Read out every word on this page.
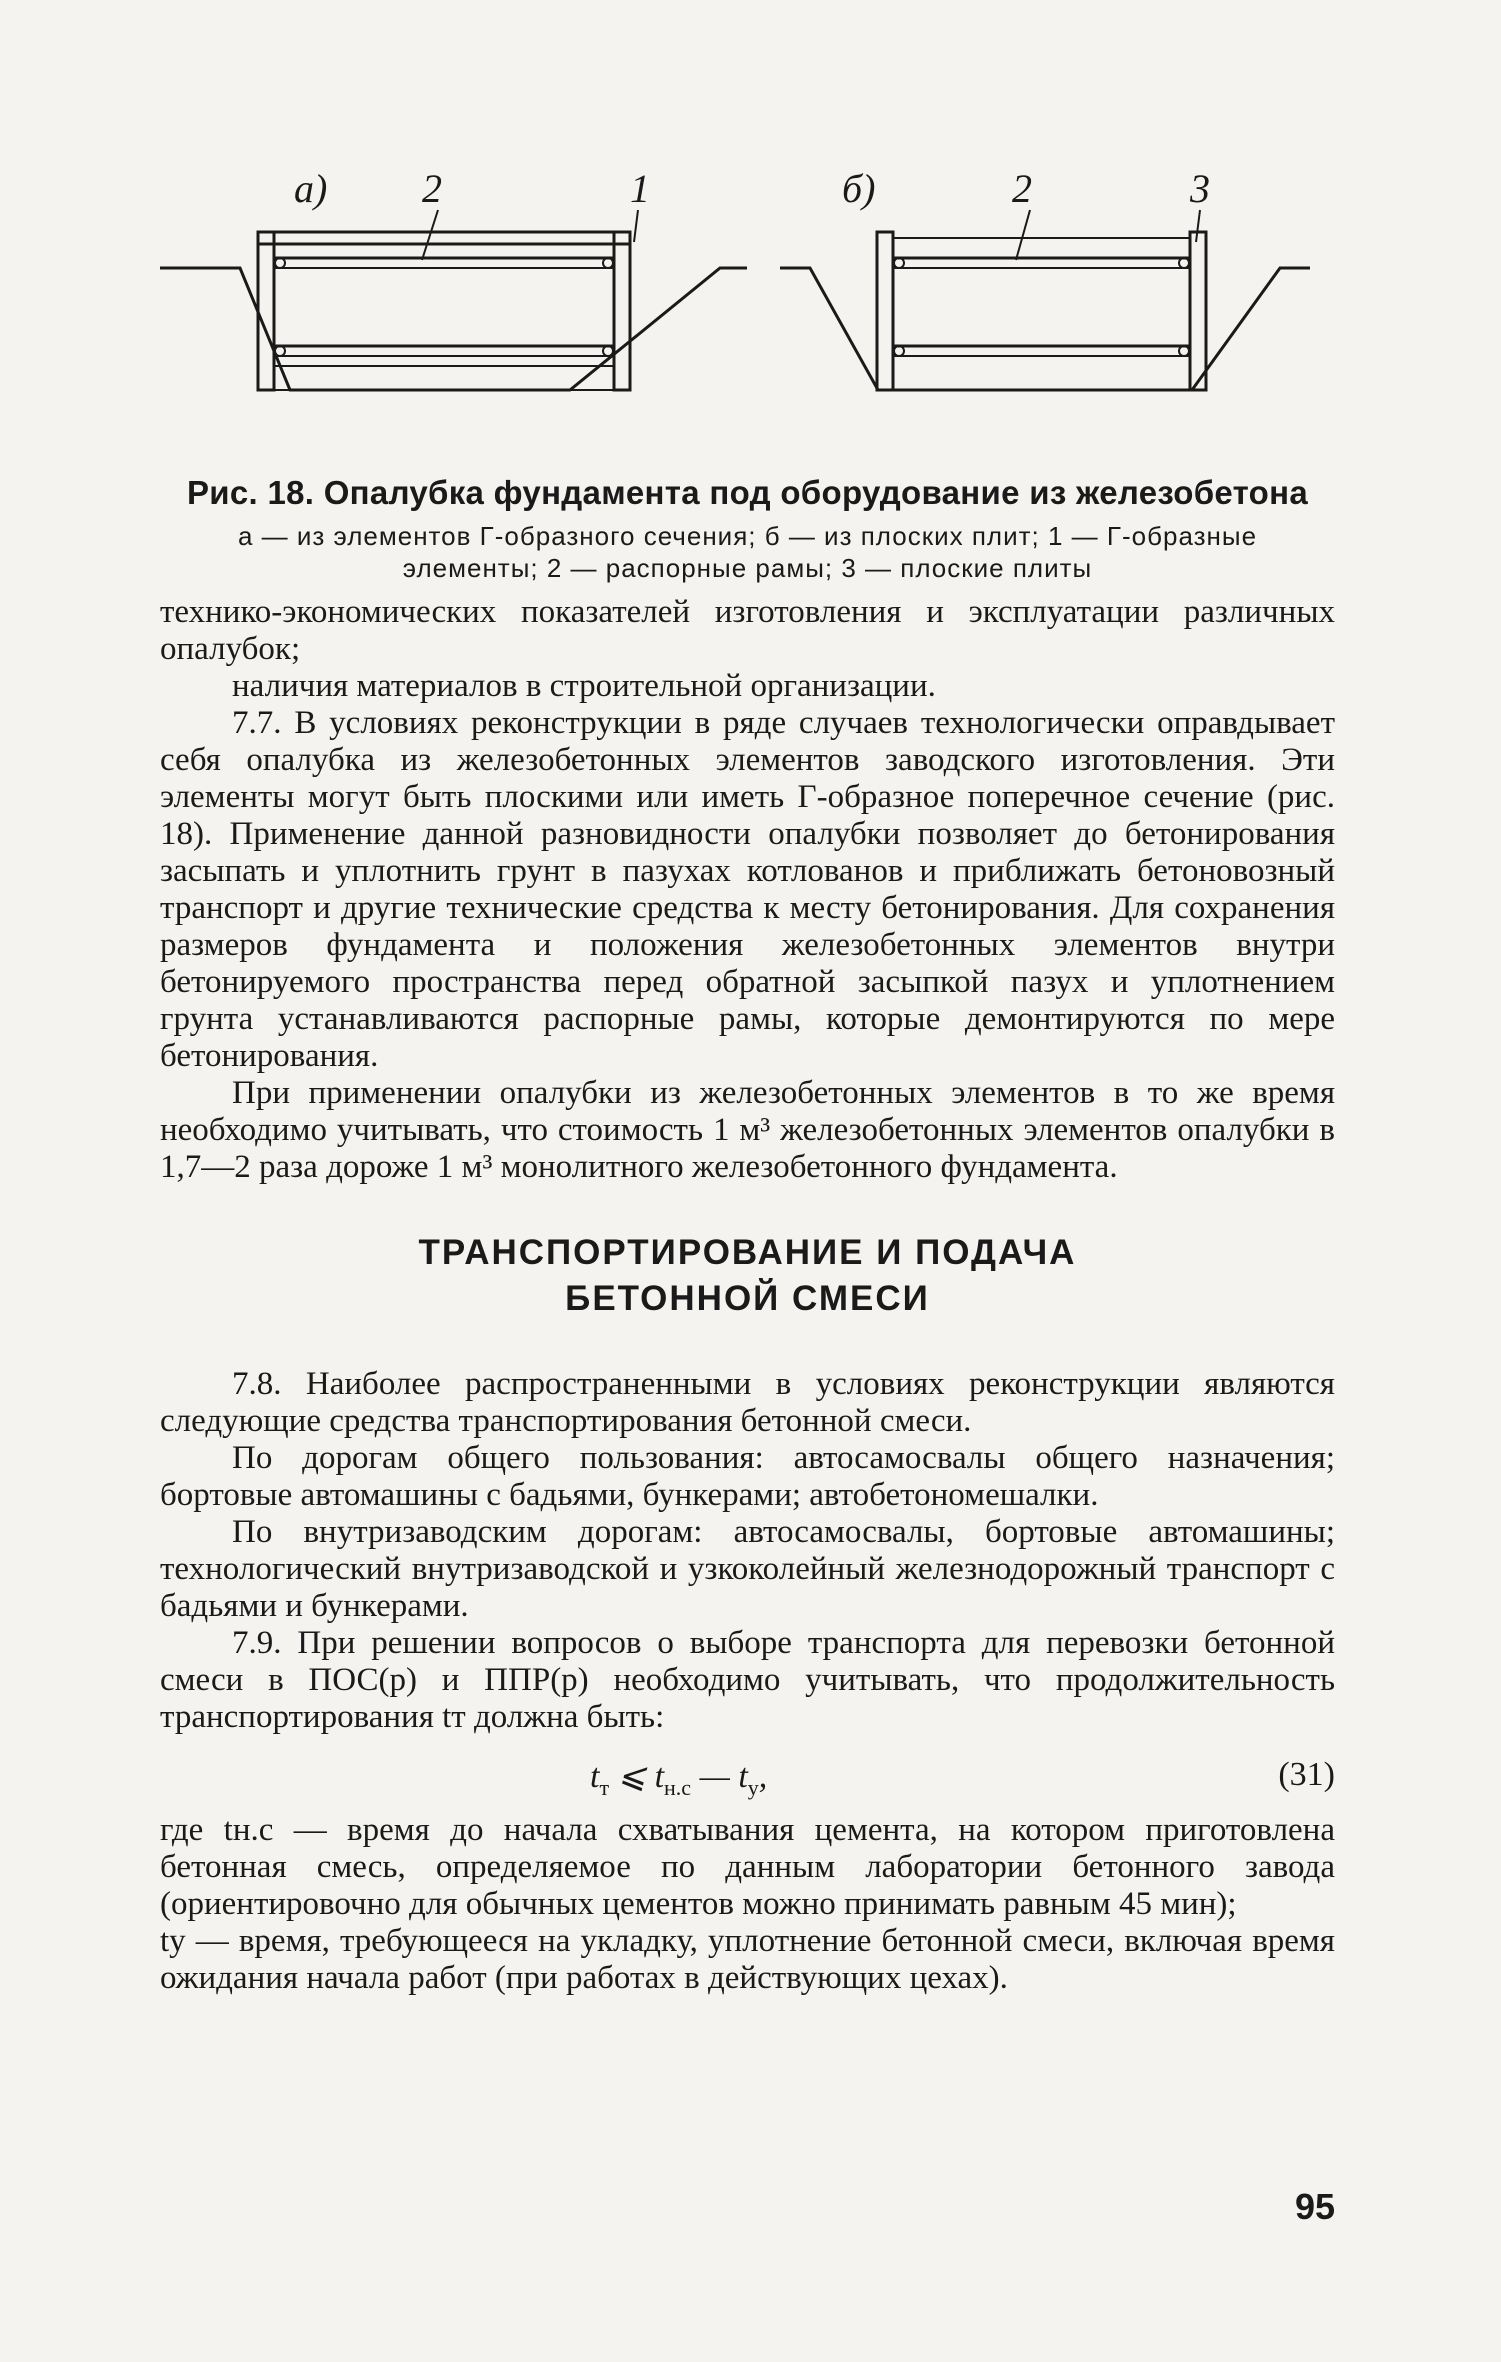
а) 2	1	б)	2	3
Рис. 18. Опалубка фундамента под оборудование из железобетона
а — из элементов Г-образного сечения; б — из плоских плит; 1 — Г-образные
элементы; 2 — распорные рамы; 3 — плоские плиты

технико-экономических показателей изготовления и эксплуатации различных опалубок;

наличия материалов в строительной организации.

7.7. В условиях реконструкции в ряде случаев технологически оправдывает себя опалубка из железобетонных элементов заводского изготовления. Эти элементы могут быть плоскими или иметь Г-образное поперечное сечение (рис. 18). Применение данной разновидности опалубки позволяет до бетонирования засыпать и уплотнить грунт в пазухах котлованов и приближать бетоновозный транспорт и другие технические средства к месту бетонирования. Для сохранения размеров фундамента и положения железобетонных элементов внутри бетонируемого пространства перед обратной засыпкой пазух и уплотнением грунта устанавливаются распорные рамы, которые демонтируются по мере бетонирования.

При применении опалубки из железобетонных элементов в то же время необходимо учитывать, что стоимость 1 м³ железобетонных элементов опалубки в 1,7—2 раза дороже 1 м³ монолитного железобетонного фундамента.

ТРАНСПОРТИРОВАНИЕ И ПОДАЧА
БЕТОННОЙ СМЕСИ

7.8. Наиболее распространенными в условиях реконструкции являются следующие средства транспортирования бетонной смеси.

По дорогам общего пользования: автосамосвалы общего назначения; бортовые автомашины с бадьями, бункерами; автобетономешалки.

По внутризаводским дорогам: автосамосвалы, бортовые автомашины; технологический внутризаводской и узкоколейный железнодорожный транспорт с бадьями и бункерами.

7.9. При решении вопросов о выборе транспорта для перевозки бетонной смеси в ПОС(р) и ППР(р) необходимо учитывать, что продолжительность транспортирования tт должна быть:

$t_т$ ⩽ $t_{н.с}$ — $t_у$,	(31)

где tн.с — время до начала схватывания цемента, на котором приготовлена бетонная смесь, определяемое по данным лаборатории бетонного завода (ориентировочно для обычных цементов можно принимать равным 45 мин);

tу — время, требующееся на укладку, уплотнение бетонной смеси, включая время ожидания начала работ (при работах в действующих цехах).

95
